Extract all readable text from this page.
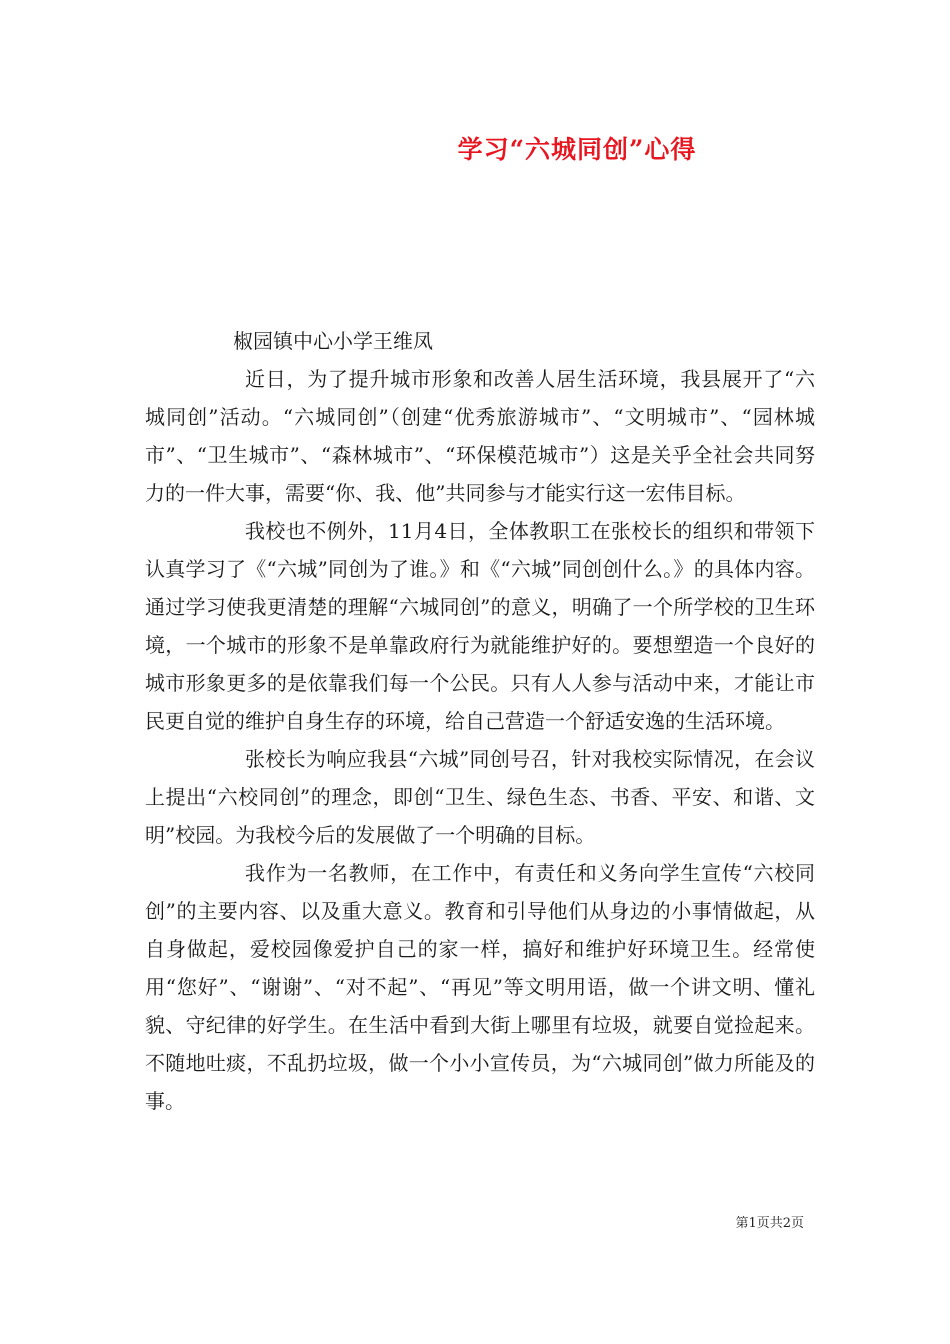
学习“六城同创”心得
椒园镇中心小学王维凤

近日，为了提升城市形象和改善人居生活环境，我县展开了“六城同创”活动。“六城同创”（创建“优秀旅游城市”、“文明城市”、“园林城市”、“卫生城市”、“森林城市”、“环保模范城市”）这是关乎全社会共同努力的一件大事，需要“你、我、他”共同参与才能实行这一宏伟目标。

我校也不例外，11月4日，全体教职工在张校长的组织和带领下认真学习了《“六城”同创为了谁。》和《“六城”同创创什么。》的具体内容。通过学习使我更清楚的理解“六城同创”的意义，明确了一个所学校的卫生环境，一个城市的形象不是单靠政府行为就能维护好的。要想塑造一个良好的城市形象更多的是依靠我们每一个公民。只有人人参与活动中来，才能让市民更自觉的维护自身生存的环境，给自己营造一个舒适安逸的生活环境。

张校长为响应我县“六城”同创号召，针对我校实际情况，在会议上提出“六校同创”的理念，即创“卫生、绿色生态、书香、平安、和谐、文明”校园。为我校今后的发展做了一个明确的目标。

我作为一名教师，在工作中，有责任和义务向学生宣传“六校同创”的主要内容、以及重大意义。教育和引导他们从身边的小事情做起，从自身做起，爱校园像爱护自己的家一样，搞好和维护好环境卫生。经常使用“您好”、“谢谢”、“对不起”、“再见”等文明用语，做一个讲文明、懂礼貌、守纪律的好学生。在生活中看到大街上哪里有垃圾，就要自觉捡起来。不随地吐痰，不乱扔垃圾，做一个小小宣传员，为“六城同创”做力所能及的事。

第1页共2页
